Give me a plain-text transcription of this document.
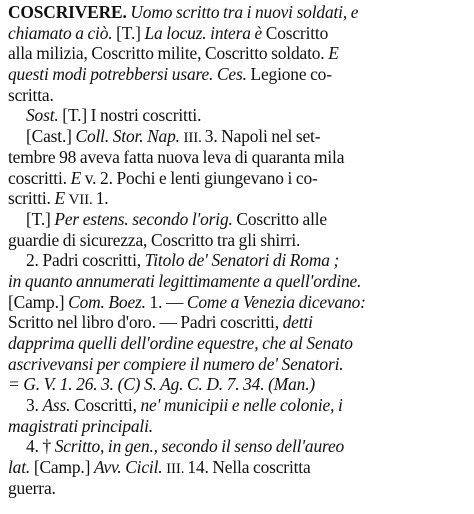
COSCRIVERE. Uomo scritto tra i nuovi soldati, e
chiamato a ciò. [T.] La locuz. intera è Coscritto
alla milizia, Coscritto milite, Coscritto soldato. E
questi modi potrebbersi usare. Ces. Legione co-
scritta.
Sost. [T.] I nostri coscritti.
[Cast.] Coll. Stor. Nap. III. 3. Napoli nel set-
tembre 98 aveva fatta nuova leva di quaranta mila
coscritti. E v. 2. Pochi e lenti giungevano i co-
scritti. E VII. 1.
[T.] Per estens. secondo l'orig. Coscritto alle
guardie di sicurezza, Coscritto tra gli shirri.
2. Padri coscritti, Titolo de' Senatori di Roma ;
in quanto annumerati legittimamente a quell'ordine.
[Camp.] Com. Boez. 1. — Come a Venezia dicevano:
Scritto nel libro d'oro. — Padri coscritti, detti
dapprima quelli dell'ordine equestre, che al Senato
ascrivevansi per compiere il numero de' Senatori.
= G. V. 1. 26. 3. (C) S. Ag. C. D. 7. 34. (Man.)
3. Ass. Coscritti, ne' municipii e nelle colonie, i
magistrati principali.
4. † Scritto, in gen., secondo il senso dell'aureo
lat. [Camp.] Avv. Cicil. III. 14. Nella coscritta
guerra.
